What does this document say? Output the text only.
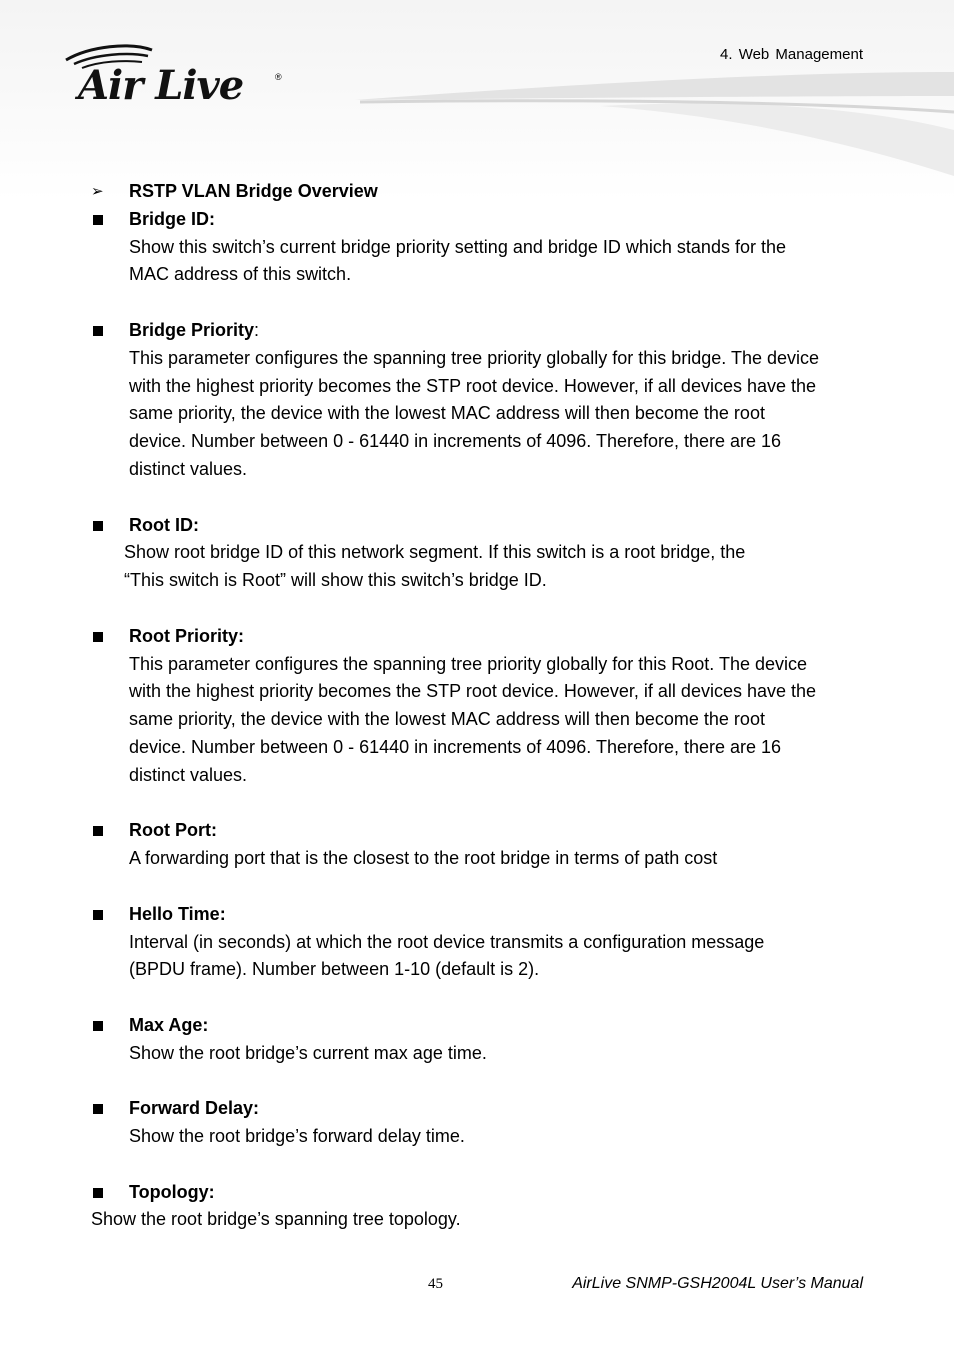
Air Live	®
4. Web Management
➢	RSTP VLAN Bridge Overview
Bridge ID:
Show this switch’s current bridge priority setting and bridge ID which stands for the
MAC address of this switch.
Bridge Priority:
This parameter configures the spanning tree priority globally for this bridge. The device
with the highest priority becomes the STP root device. However, if all devices have the
same priority, the device with the lowest MAC address will then become the root
device. Number between 0 - 61440 in increments of 4096. Therefore, there are 16
distinct values.
Root ID:
Show root bridge ID of this network segment. If this switch is a root bridge, the
“This switch is Root” will show this switch’s bridge ID.
Root Priority:
This parameter configures the spanning tree priority globally for this Root. The device
with the highest priority becomes the STP root device. However, if all devices have the
same priority, the device with the lowest MAC address will then become the root
device. Number between 0 - 61440 in increments of 4096. Therefore, there are 16
distinct values.
Root Port:
A forwarding port that is the closest to the root bridge in terms of path cost
Hello Time:
Interval (in seconds) at which the root device transmits a configuration message
(BPDU frame). Number between 1-10 (default is 2).
Max Age:
Show the root bridge’s current max age time.
Forward Delay:
Show the root bridge’s forward delay time.
Topology:
Show the root bridge’s spanning tree topology.
45	AirLive SNMP-GSH2004L User’s Manual
